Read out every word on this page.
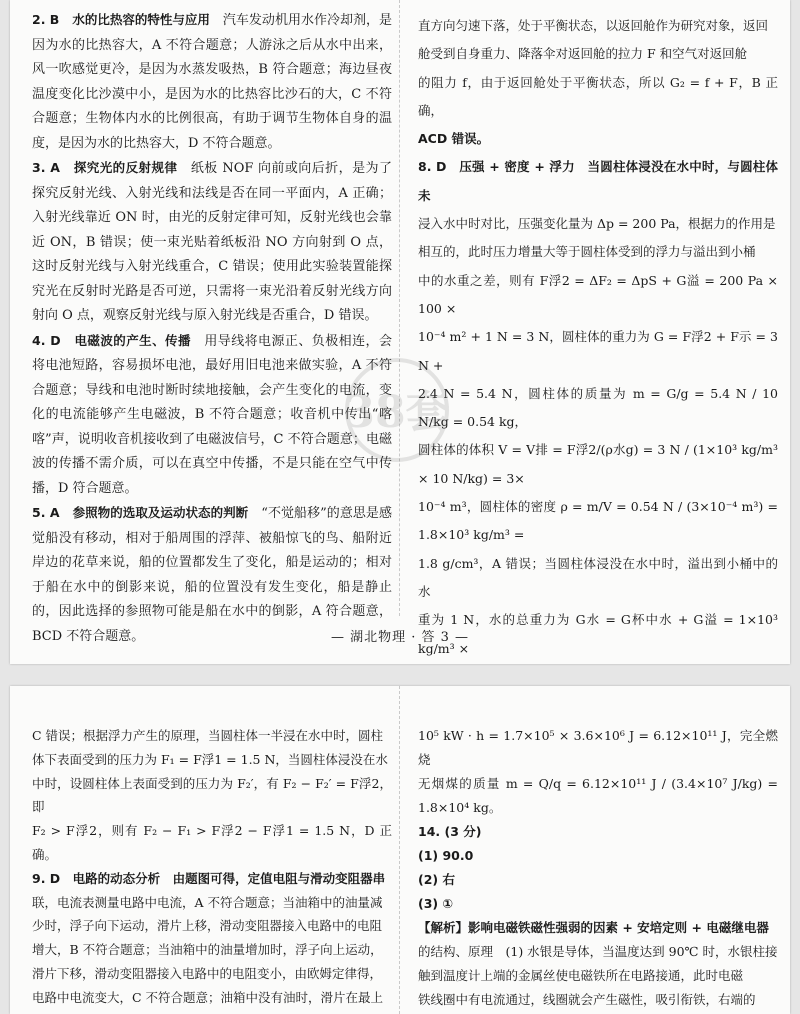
2. B　 水的比热容的特性与应用　 汽车发动机用水作冷却剂，是因为水的比热容大，A 不符合题意；人游泳之后从水中出来，风一吹感觉更冷，是因为水蒸发吸热，B 符合题意；海边昼夜温度变化比沙漠中小，是因为水的比热容比沙石的大，C 不符合题意；生物体内水的比例很高，有助于调节生物体自身的温度，是因为水的比热容大，D 不符合题意。

3. A　 探究光的反射规律　 纸板 NOF 向前或向后折，是为了探究反射光线、入射光线和法线是否在同一平面内，A 正确；入射光线靠近 ON 时，由光的反射定律可知，反射光线也会靠近 ON，B 错误；使一束光贴着纸板沿 NO 方向射到 O 点，这时反射光线与入射光线重合，C 错误；使用此实验装置能探究光在反射时光路是否可逆，只需将一束光沿着反射光线方向射向 O 点，观察反射光线与原入射光线是否重合，D 错误。

4. D　 电磁波的产生、传播　 用导线将电源正、负极相连，会将电池短路，容易损坏电池，最好用旧电池来做实验，A 不符合题意；导线和电池时断时续地接触，会产生变化的电流，变化的电流能够产生电磁波，B 不符合题意；收音机中传出“喀喀”声，说明收音机接收到了电磁波信号，C 不符合题意；电磁波的传播不需介质，可以在真空中传播，不是只能在空气中传播，D 符合题意。

5. A　 参照物的选取及运动状态的判断　 “不觉船移”的意思是感觉船没有移动，相对于船周围的浮萍、被船惊飞的鸟、船附近岸边的花草来说，船的位置都发生了变化，船是运动的；相对于船在水中的倒影来说，船的位置没有发生变化，船是静止的，因此选择的参照物可能是船在水中的倒影，A 符合题意，BCD 不符合题意。

直方向匀速下落，处于平衡状态，以返回舱作为研究对象，返回
舱受到自身重力、降落伞对返回舱的拉力 F 和空气对返回舱
的阻力 f，由于返回舱处于平衡状态，所以 G₂ = f + F，B 正确，
ACD 错误。
8. D　压强 + 密度 + 浮力　当圆柱体浸没在水中时，与圆柱体未
浸入水中时对比，压强变化量为 Δp = 200 Pa，根据力的作用是
相互的，此时压力增量大等于圆柱体受到的浮力与溢出到小桶
中的水重之差，则有 F浮2 = ΔF₂ = ΔpS + G溢 = 200 Pa × 100 ×
10⁻⁴ m² + 1 N = 3 N，圆柱体的重力为 G = F浮2 + F示 = 3 N +
2.4 N = 5.4 N，圆柱体的质量为 m = G/g = 5.4 N / 10 N/kg = 0.54 kg，
圆柱体的体积 V = V排 = F浮2/(ρ水g) = 3 N / (1×10³ kg/m³ × 10 N/kg) = 3×
10⁻⁴ m³，圆柱体的密度 ρ = m/V = 0.54 N / (3×10⁻⁴ m³) = 1.8×10³ kg/m³ =
1.8 g/cm³，A 错误；当圆柱体浸没在水中时，溢出到小桶中的水
重为 1 N，水的总重力为 G水 = G杯中水 + G溢 = 1×10³ kg/m³ ×
38套
— 湖北物理 · 答 3 —
C 错误；根据浮力产生的原理，当圆柱体一半浸在水中时，圆柱
体下表面受到的压力为 F₁ = F浮1 = 1.5 N，当圆柱体浸没在水
中时，设圆柱体上表面受到的压力为 F₂′，有 F₂ − F₂′ = F浮2，即
F₂ > F浮2，则有 F₂ − F₁ > F浮2 − F浮1 = 1.5 N，D 正确。
9. D　电路的动态分析　由题图可得，定值电阻与滑动变阻器串
联，电流表测量电路中电流，A 不符合题意；当油箱中的油量减
少时，浮子向下运动，滑片上移，滑动变阻器接入电路中的电阻
增大，B 不符合题意；当油箱中的油量增加时，浮子向上运动，
滑片下移，滑动变阻器接入电路中的电阻变小，由欧姆定律得，
电路中电流变大，C 不符合题意；油箱中没有油时，滑片在最上
10⁵ kW · h = 1.7×10⁵ × 3.6×10⁶ J = 6.12×10¹¹ J，完全燃烧
无烟煤的质量 m = Q/q = 6.12×10¹¹ J / (3.4×10⁷ J/kg) = 1.8×10⁴ kg。
14. (3 分)
(1) 90.0
(2) 右
(3) ①
【解析】影响电磁铁磁性强弱的因素 + 安培定则 + 电磁继电器
的结构、原理　(1) 水银是导体，当温度达到 90℃ 时，水银柱接
触到温度计上端的金属丝使电磁铁所在电路接通，此时电磁
铁线圈中有电流通过，线圈就会产生磁性，吸引衔铁，右端的
